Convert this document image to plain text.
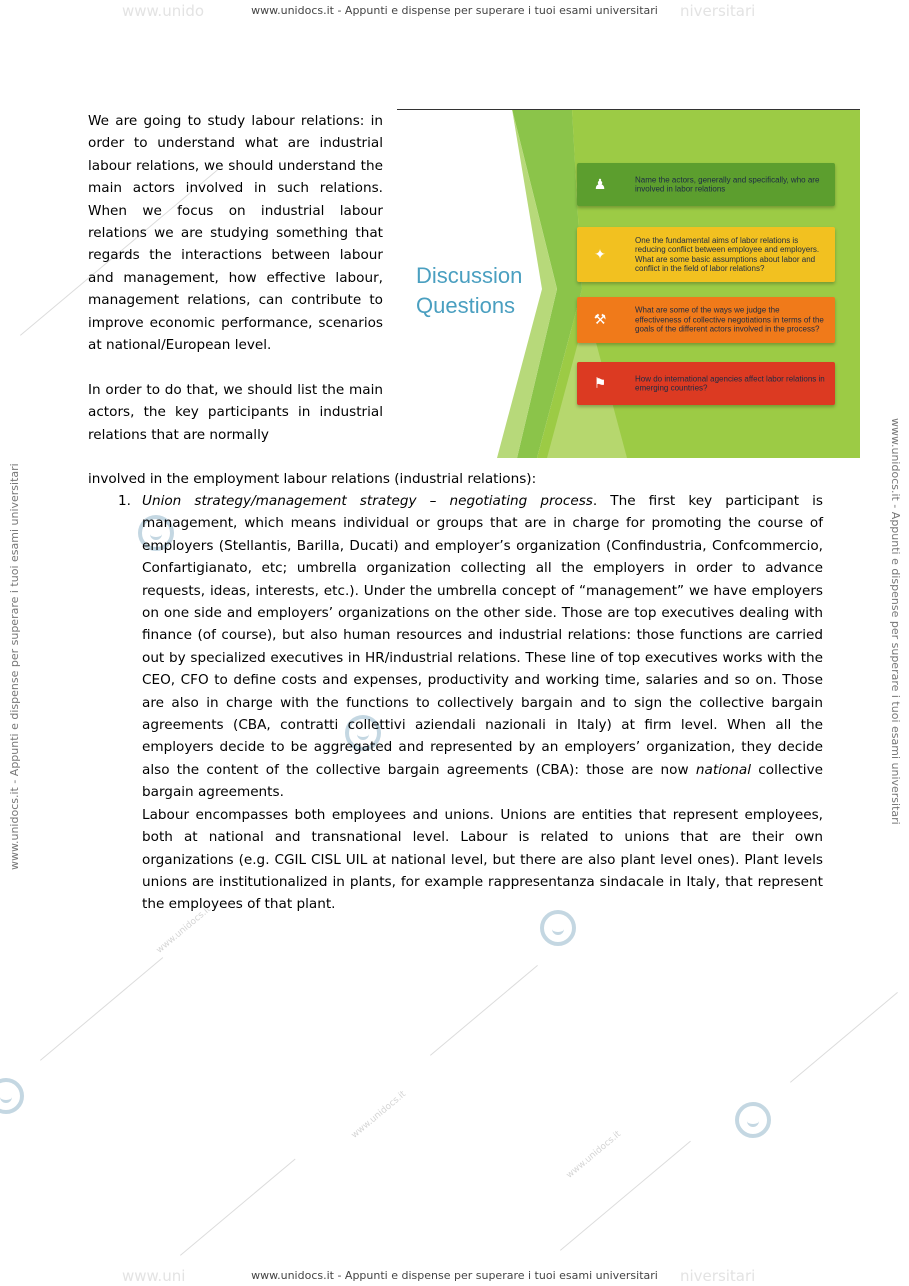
www.unidocs.it
www.unidocs.it
www.unidocs.it
www.unido	www.unidocs.it - Appunti e dispense per superare i tuoi esami universitari niversitari
www.uni	www.unidocs.it - Appunti e dispense per superare i tuoi esami universitari niversitari
www.unidocs.it - Appunti e dispense per superare i tuoi esami universitari	www.unidocs.it - Appunti e dispense per superare i tuoi esami universitari

We are going to study labour relations: in order to understand what are industrial labour relations, we should understand the main actors involved in such relations. When we focus on industrial labour relations we are studying something that regards the interactions between labour and management, how effective labour, management relations, can contribute to improve economic performance, scenarios at national/European level.

In order to do that, we should list the main actors, the key participants in industrial relations that are normally

involved in the employment labour relations (industrial relations):
Discussion
Questions
♟	Name the actors, generally and specifically, who are involved in labor relations
✦
One the fundamental aims of labor relations is reducing conflict between employee and employers. What are some basic assumptions about labor and conflict in the field of labor relations?
⚒
What are some of the ways we judge the effectiveness of collective negotiations in terms of the goals of the different actors involved in the process?
⚑	How do international agencies affect labor relations in emerging countries?
1. Union strategy/management strategy – negotiating process. The first key participant is management, which means individual or groups that are in charge for promoting the course of employers (Stellantis, Barilla, Ducati) and employer’s organization (Confindustria, Confcommercio, Confartigianato, etc; umbrella organization collecting all the employers in order to advance requests, ideas, interests, etc.). Under the umbrella concept of “management” we have employers on one side and employers’ organizations on the other side. Those are top executives dealing with finance (of course), but also human resources and industrial relations: those functions are carried out by specialized executives in HR/industrial relations. These line of top executives works with the CEO, CFO to define costs and expenses, productivity and working time, salaries and so on. Those are also in charge with the functions to collectively bargain and to sign the collective bargain agreements (CBA, contratti collettivi aziendali nazionali in Italy) at firm level. When all the employers decide to be aggregated and represented by an employers’ organization, they decide also the content of the collective bargain agreements (CBA): those are now national collective bargain agreements.

Labour encompasses both employees and unions. Unions are entities that represent employees, both at national and transnational level. Labour is related to unions that are their own organizations (e.g. CGIL CISL UIL at national level, but there are also plant level ones). Plant levels unions are institutionalized in plants, for example rappresentanza sindacale in Italy, that represent the employees of that plant.
